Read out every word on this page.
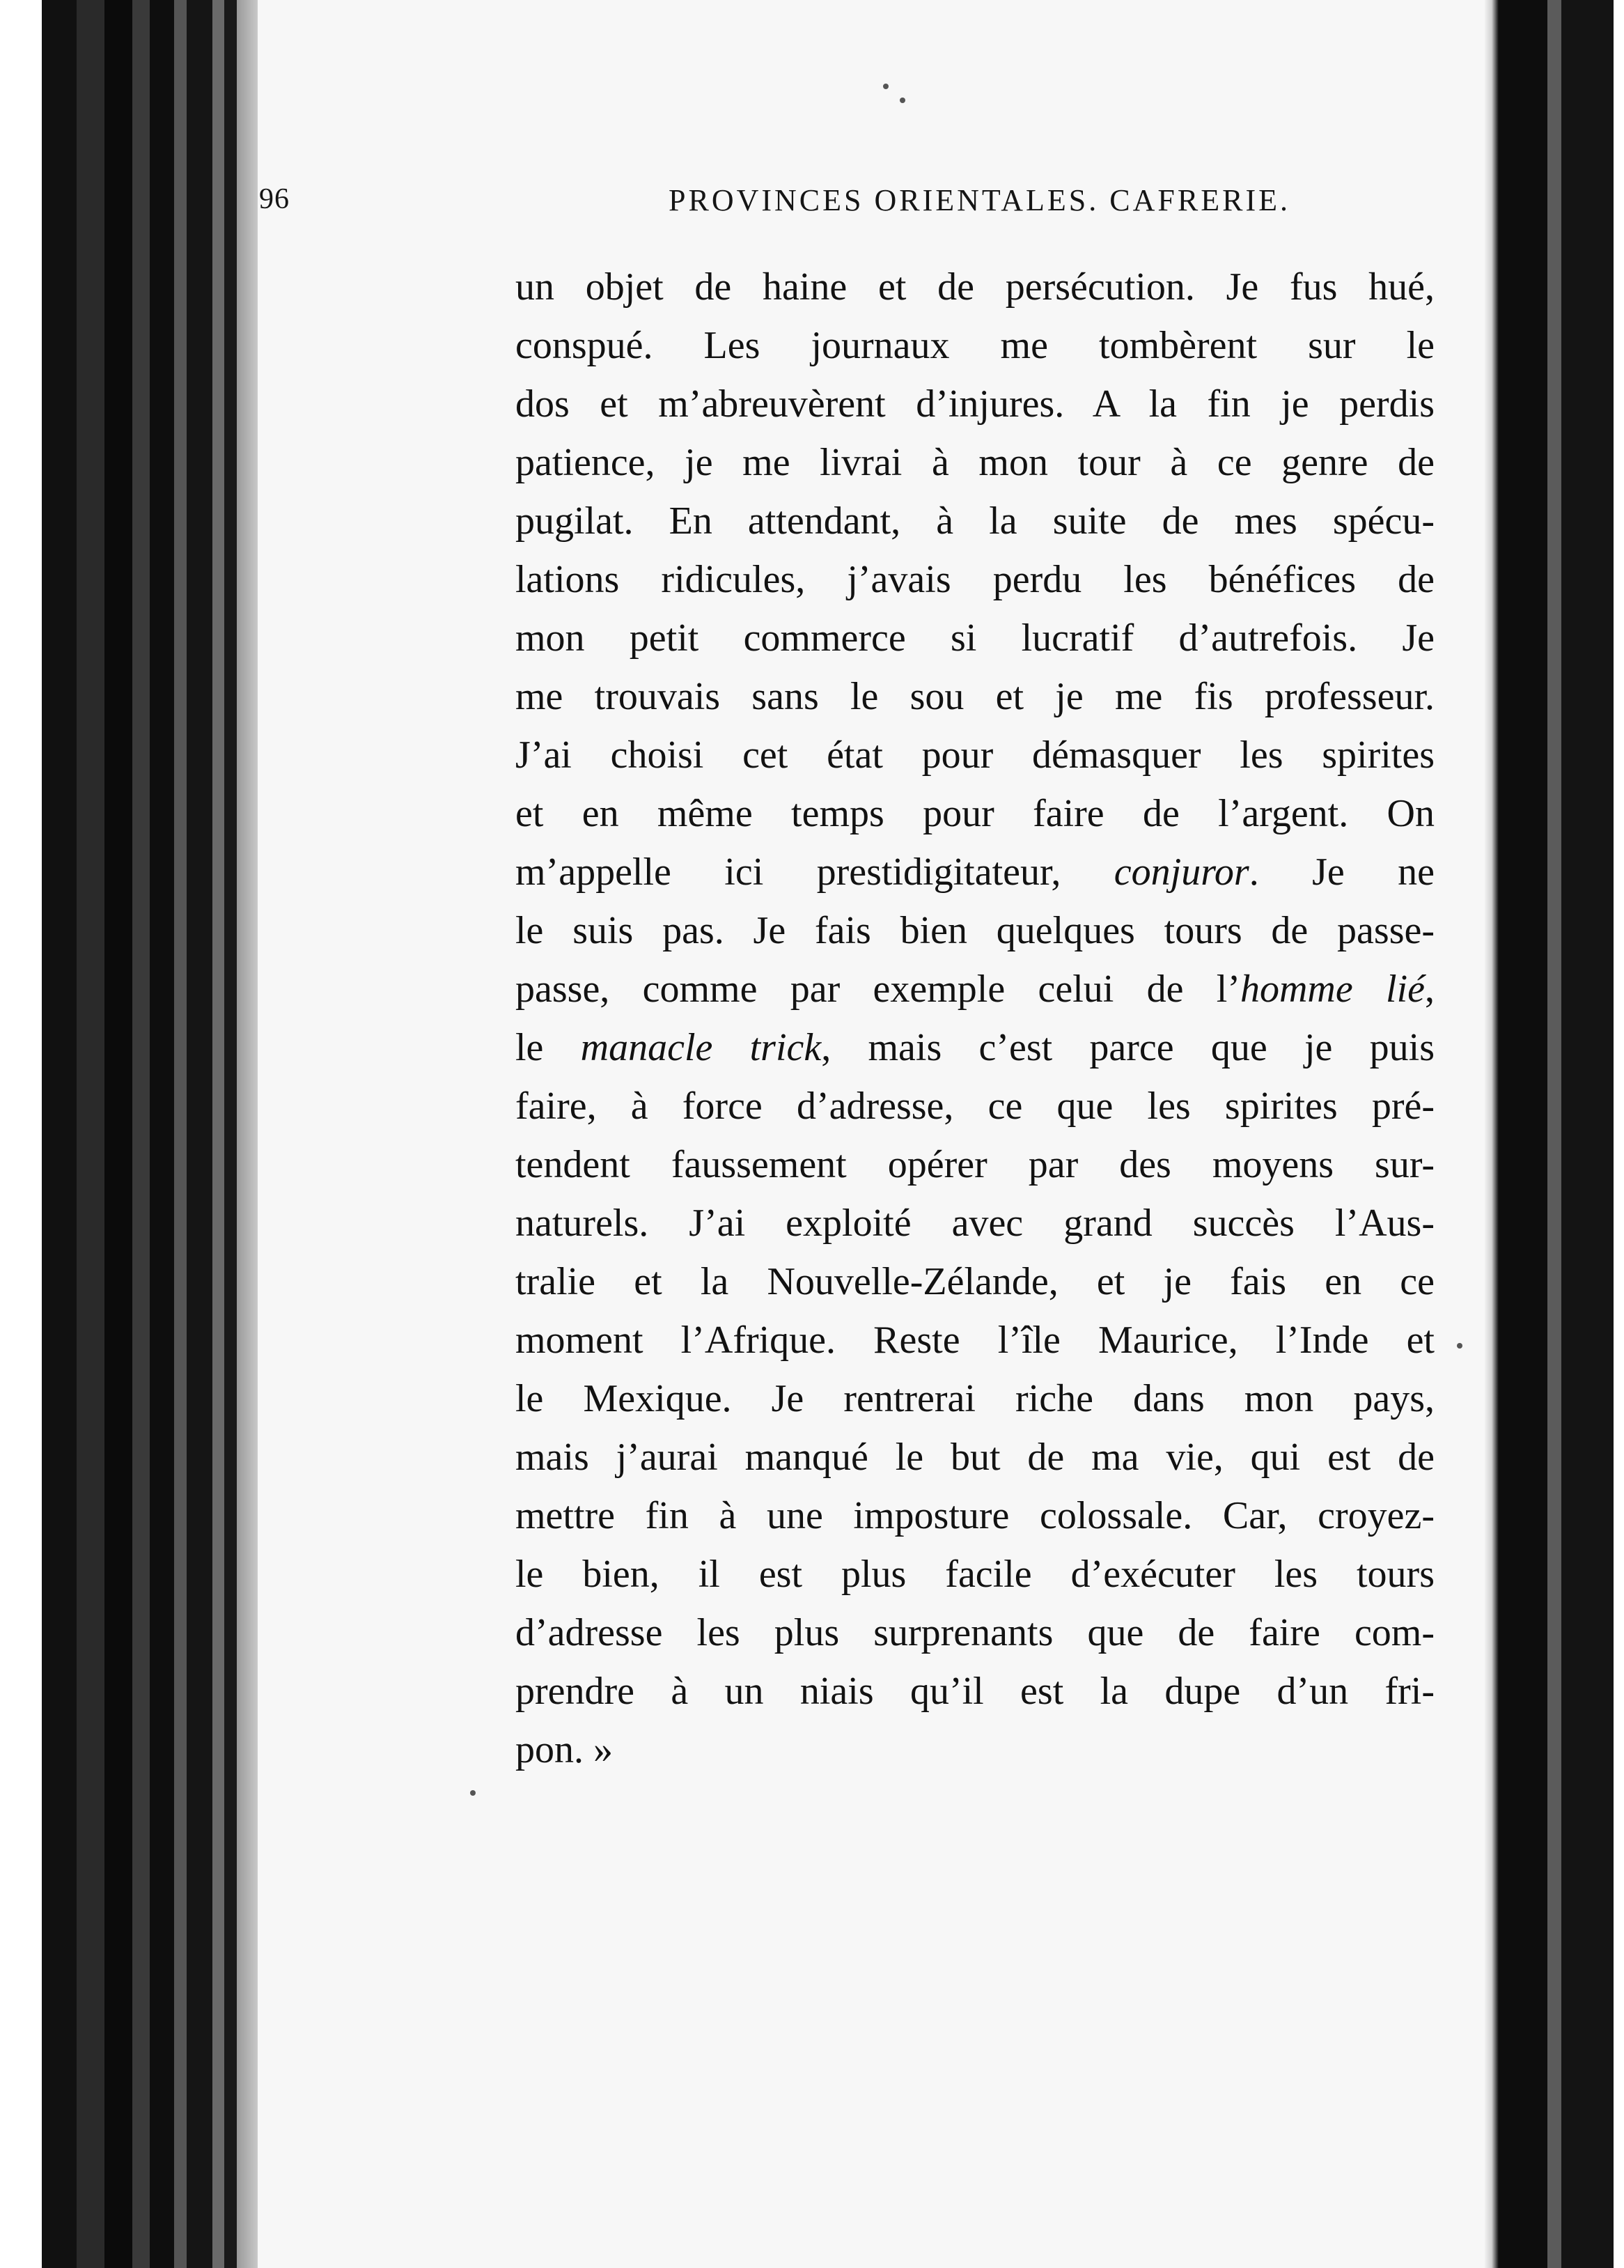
96	PROVINCES ORIENTALES. CAFRERIE.
un objet de haine et de persécution. Je fus hué,
conspué. Les journaux me tombèrent sur le
dos et m’abreuvèrent d’injures. A la fin je perdis
patience, je me livrai à mon tour à ce genre de
pugilat. En attendant, à la suite de mes spécu-
lations ridicules, j’avais perdu les bénéfices de
mon petit commerce si lucratif d’autrefois. Je
me trouvais sans le sou et je me fis professeur.
J’ai choisi cet état pour démasquer les spirites
et en même temps pour faire de l’argent. On
m’appelle ici prestidigitateur, conjuror. Je ne
le suis pas. Je fais bien quelques tours de passe-
passe, comme par exemple celui de l’homme lié,
le manacle trick, mais c’est parce que je puis
faire, à force d’adresse, ce que les spirites pré-
tendent faussement opérer par des moyens sur-
naturels. J’ai exploité avec grand succès l’Aus-
tralie et la Nouvelle-Zélande, et je fais en ce
moment l’Afrique. Reste l’île Maurice, l’Inde et
le Mexique. Je rentrerai riche dans mon pays,
mais j’aurai manqué le but de ma vie, qui est de
mettre fin à une imposture colossale. Car, croyez-
le bien, il est plus facile d’exécuter les tours
d’adresse les plus surprenants que de faire com-
prendre à un niais qu’il est la dupe d’un fri-
pon. »
